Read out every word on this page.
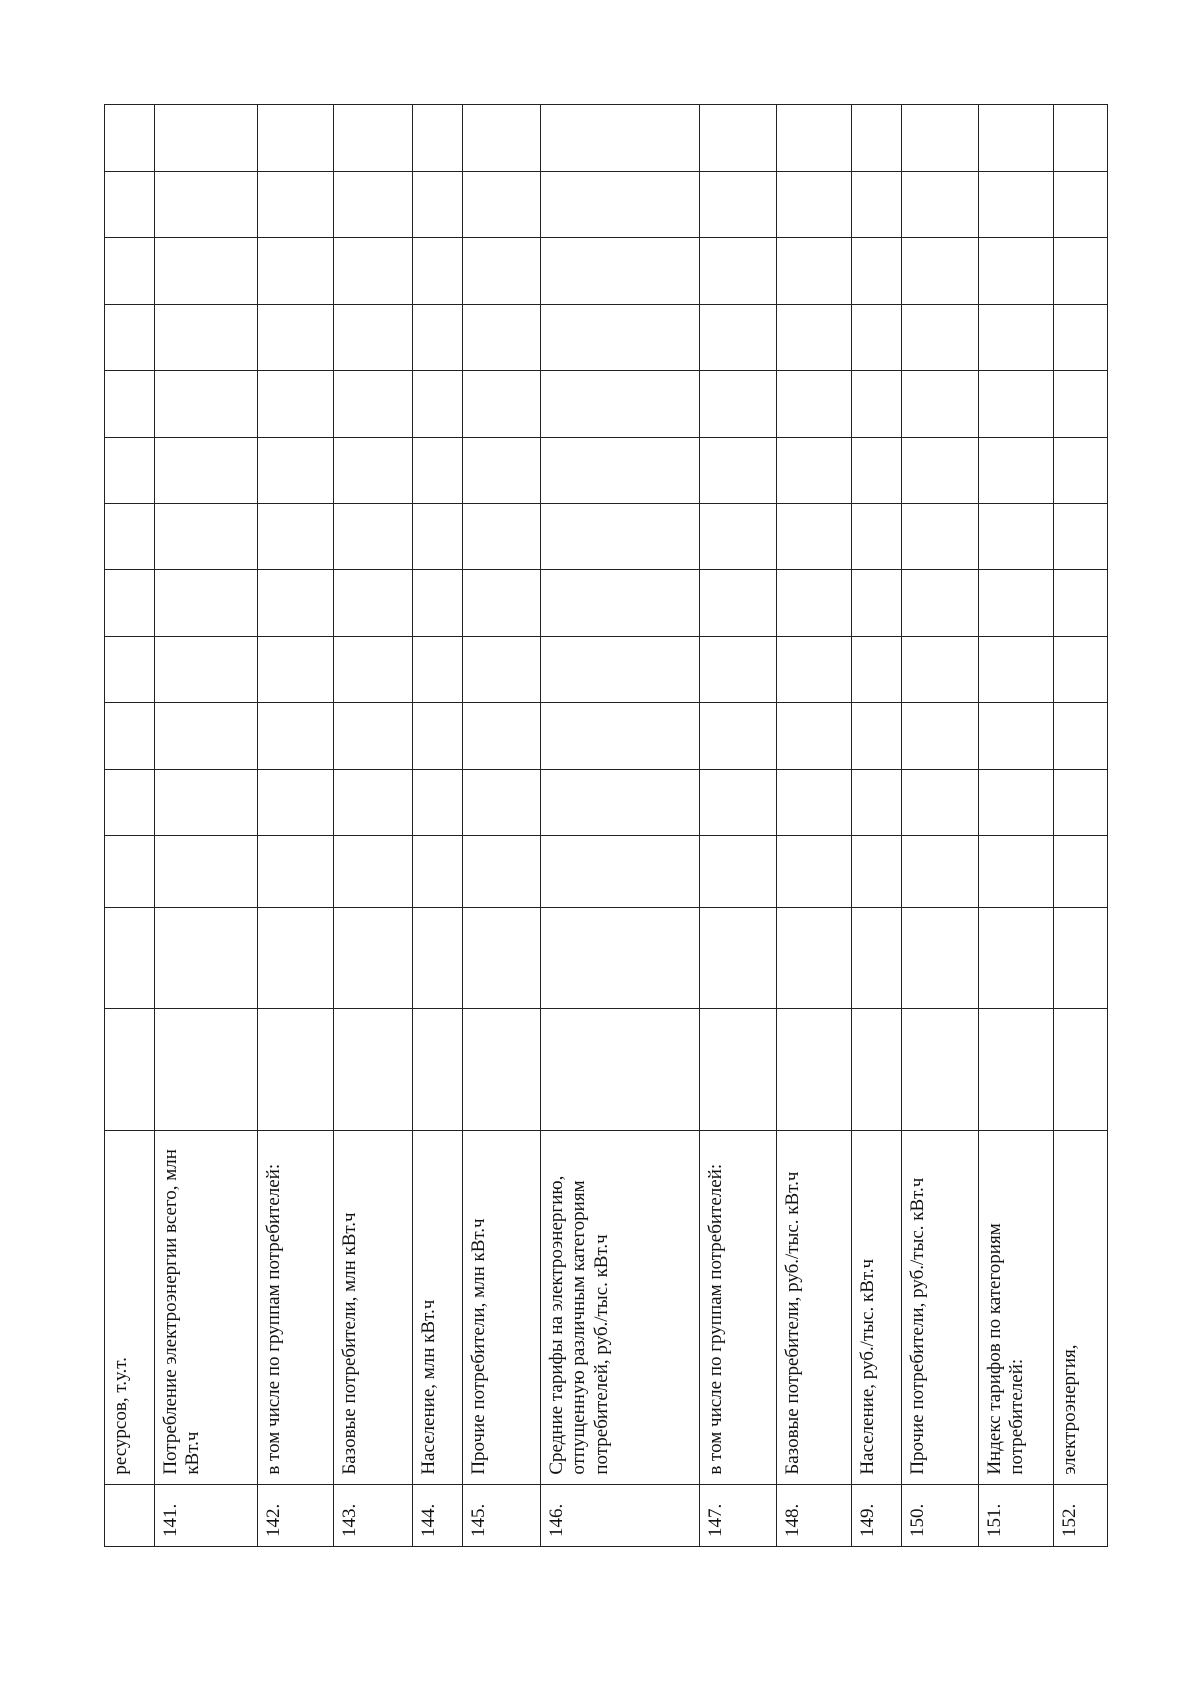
	ресурсов, т.у.т.														
141.	Потребление электроэнергии всего, млн кВт.ч														
142.	в том числе по группам потребителей:														
143.	Базовые потребители, млн кВт.ч														
144.	Население, млн кВт.ч														
145.	Прочие потребители, млн кВт.ч														
146.	Средние тарифы на электроэнергию, отпущенную различным категориям потребителей, руб./тыс. кВт.ч														
147.	в том числе по группам потребителей:														
148.	Базовые потребители, руб./тыс. кВт.ч														
149.	Население, руб./тыс. кВт.ч														
150.	Прочие потребители, руб./тыс. кВт.ч														
151.	Индекс тарифов по категориям потребителей:														
152.	электроэнергия,														
